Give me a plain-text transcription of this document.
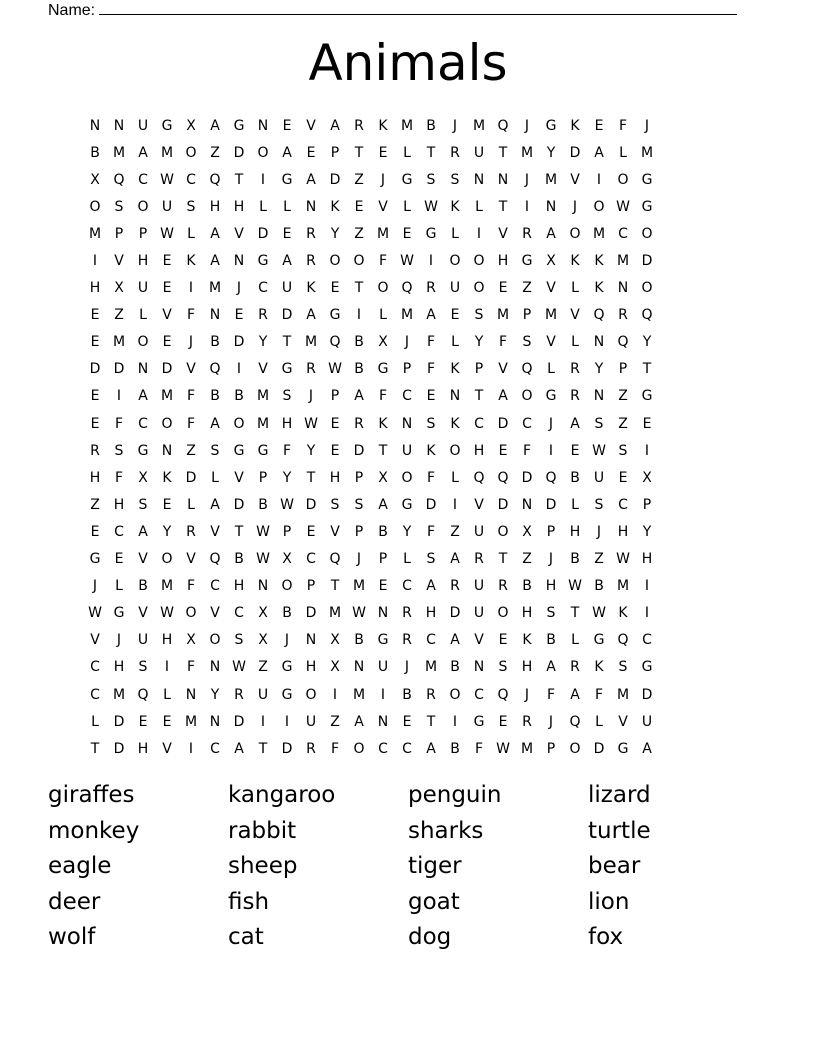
Name:
Animals
N N U G X	A G N	E	V	A	R	K M B	J	M Q	J	G K	E	F	J
B M A M O Z D O A	E	P	T	E	L	T	R	U	T M Y	D A	L	M
X Q C W C Q	T	I	G A D Z	J	G	S	S	N N	J	M V	I	O G
O	S	O U	S	H H	L	L	N	K	E	V	L W K	L	T	I	N	J	O W G
M P	P W L	A	V D	E	R	Y	Z M E	G	L	I	V	R	A O M C O
I	V H	E	K	A N G A	R O O	F W	I	O O H G X	K	K M D
H X	U	E	I	M	J	C U	K	E	T	O Q R	U O	E	Z	V	L	K	N O
E	Z	L	V	F	N	E	R D A G	I	L	M A	E	S M P M V Q R Q
E M O	E	J	B D	Y	T M Q B	X	J	F	L	Y	F	S	V	L	N Q	Y
D D N D V Q	I	V G R W B G	P	F	K	P	V Q	L	R	Y	P	T
E	I	A M F	B	B M S	J	P	A	F	C	E	N	T	A O G R N Z G
E	F	C O	F	A O M H W E	R	K	N	S	K	C D C	J	A	S	Z	E
R	S	G N Z	S	G G	F	Y	E	D	T	U	K O H	E	F	I	E W S	I
H	F	X	K	D	L	V	P	Y	T	H	P	X O	F	L	Q Q D Q B	U	E	X
Z H	S	E	L	A D B W D	S	S	A G D	I	V D N D	L	S	C	P
E	C	A	Y	R	V	T W P	E	V	P	B	Y	F	Z	U O X	P	H	J	H	Y
G	E	V O V Q B W X	C Q	J	P	L	S	A	R	T	Z	J	B	Z W H
J	L	B M F	C H N O	P	T M E	C	A	R	U	R	B H W B M	I
W G V W O V	C	X	B D M W N R H D U O H	S	T W K	I
V	J	U H X O	S	X	J	N X	B G R	C	A	V	E	K	B	L	G Q C
C H	S	I	F	N W Z G H X N U	J	M B N	S	H A	R	K	S	G
C M Q	L	N	Y	R	U G O	I	M	I	B	R O C Q	J	F	A	F M D
L	D	E	E M N D	I	I	U	Z	A N	E	T	I	G	E	R	J	Q	L	V	U
T	D H V	I	C	A	T	D R	F	O C	C	A	B	F W M P	O D G A
giraffes	kangaroo	penguin	lizard
monkey	rabbit	sharks	turtle
eagle	sheep	tiger	bear
deer	fish	goat	lion
wolf	cat	dog	fox
